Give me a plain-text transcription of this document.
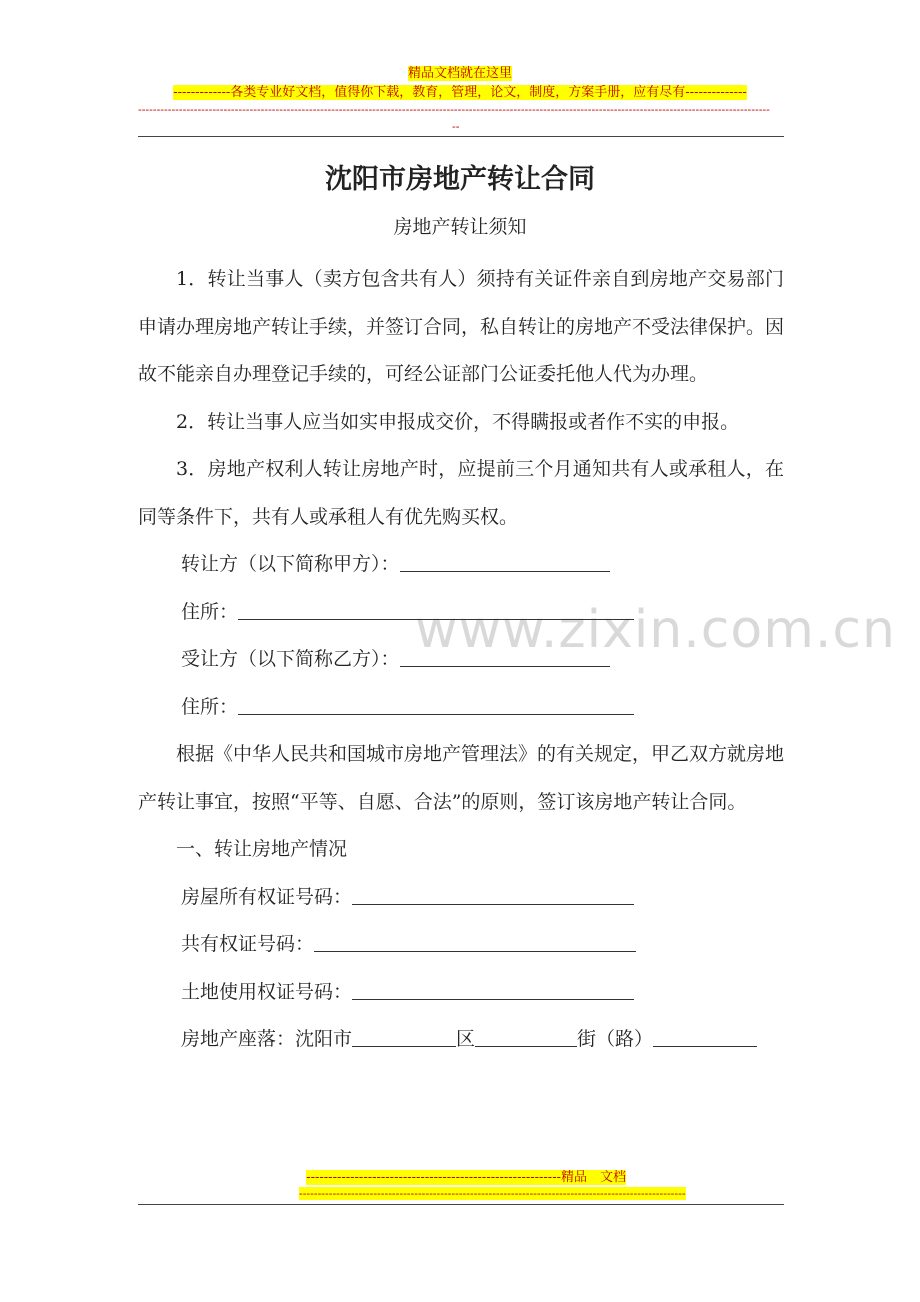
精品文档就在这里
-------------各类专业好文档，值得你下载，教育，管理，论文，制度，方案手册，应有尽有--------------
--------------------------------------------------------------------------------------------------------------------------------------------------------------------------
--
沈阳市房地产转让合同
房地产转让须知
www.zixin.com.cn

1．转让当事人（卖方包含共有人）须持有关证件亲自到房地产交易部门申请办理房地产转让手续，并签订合同，私自转让的房地产不受法律保护。因故不能亲自办理登记手续的，可经公证部门公证委托他人代为办理。

2．转让当事人应当如实申报成交价，不得瞒报或者作不实的申报。

3．房地产权利人转让房地产时，应提前三个月通知共有人或承租人，在同等条件下，共有人或承租人有优先购买权。

转让方（以下简称甲方）：
住所：
受让方（以下简称乙方）：
住所：

根据《中华人民共和国城市房地产管理法》的有关规定，甲乙双方就房地产转让事宜，按照“平等、自愿、合法”的原则，签订该房地产转让合同。

一、转让房地产情况

房屋所有权证号码：
共有权证号码：
土地使用权证号码：
房地产座落：沈阳市	区	街（路）
----------------------------------------------------------精品　文档
--------------------------------------------------------------------------------------------------------
